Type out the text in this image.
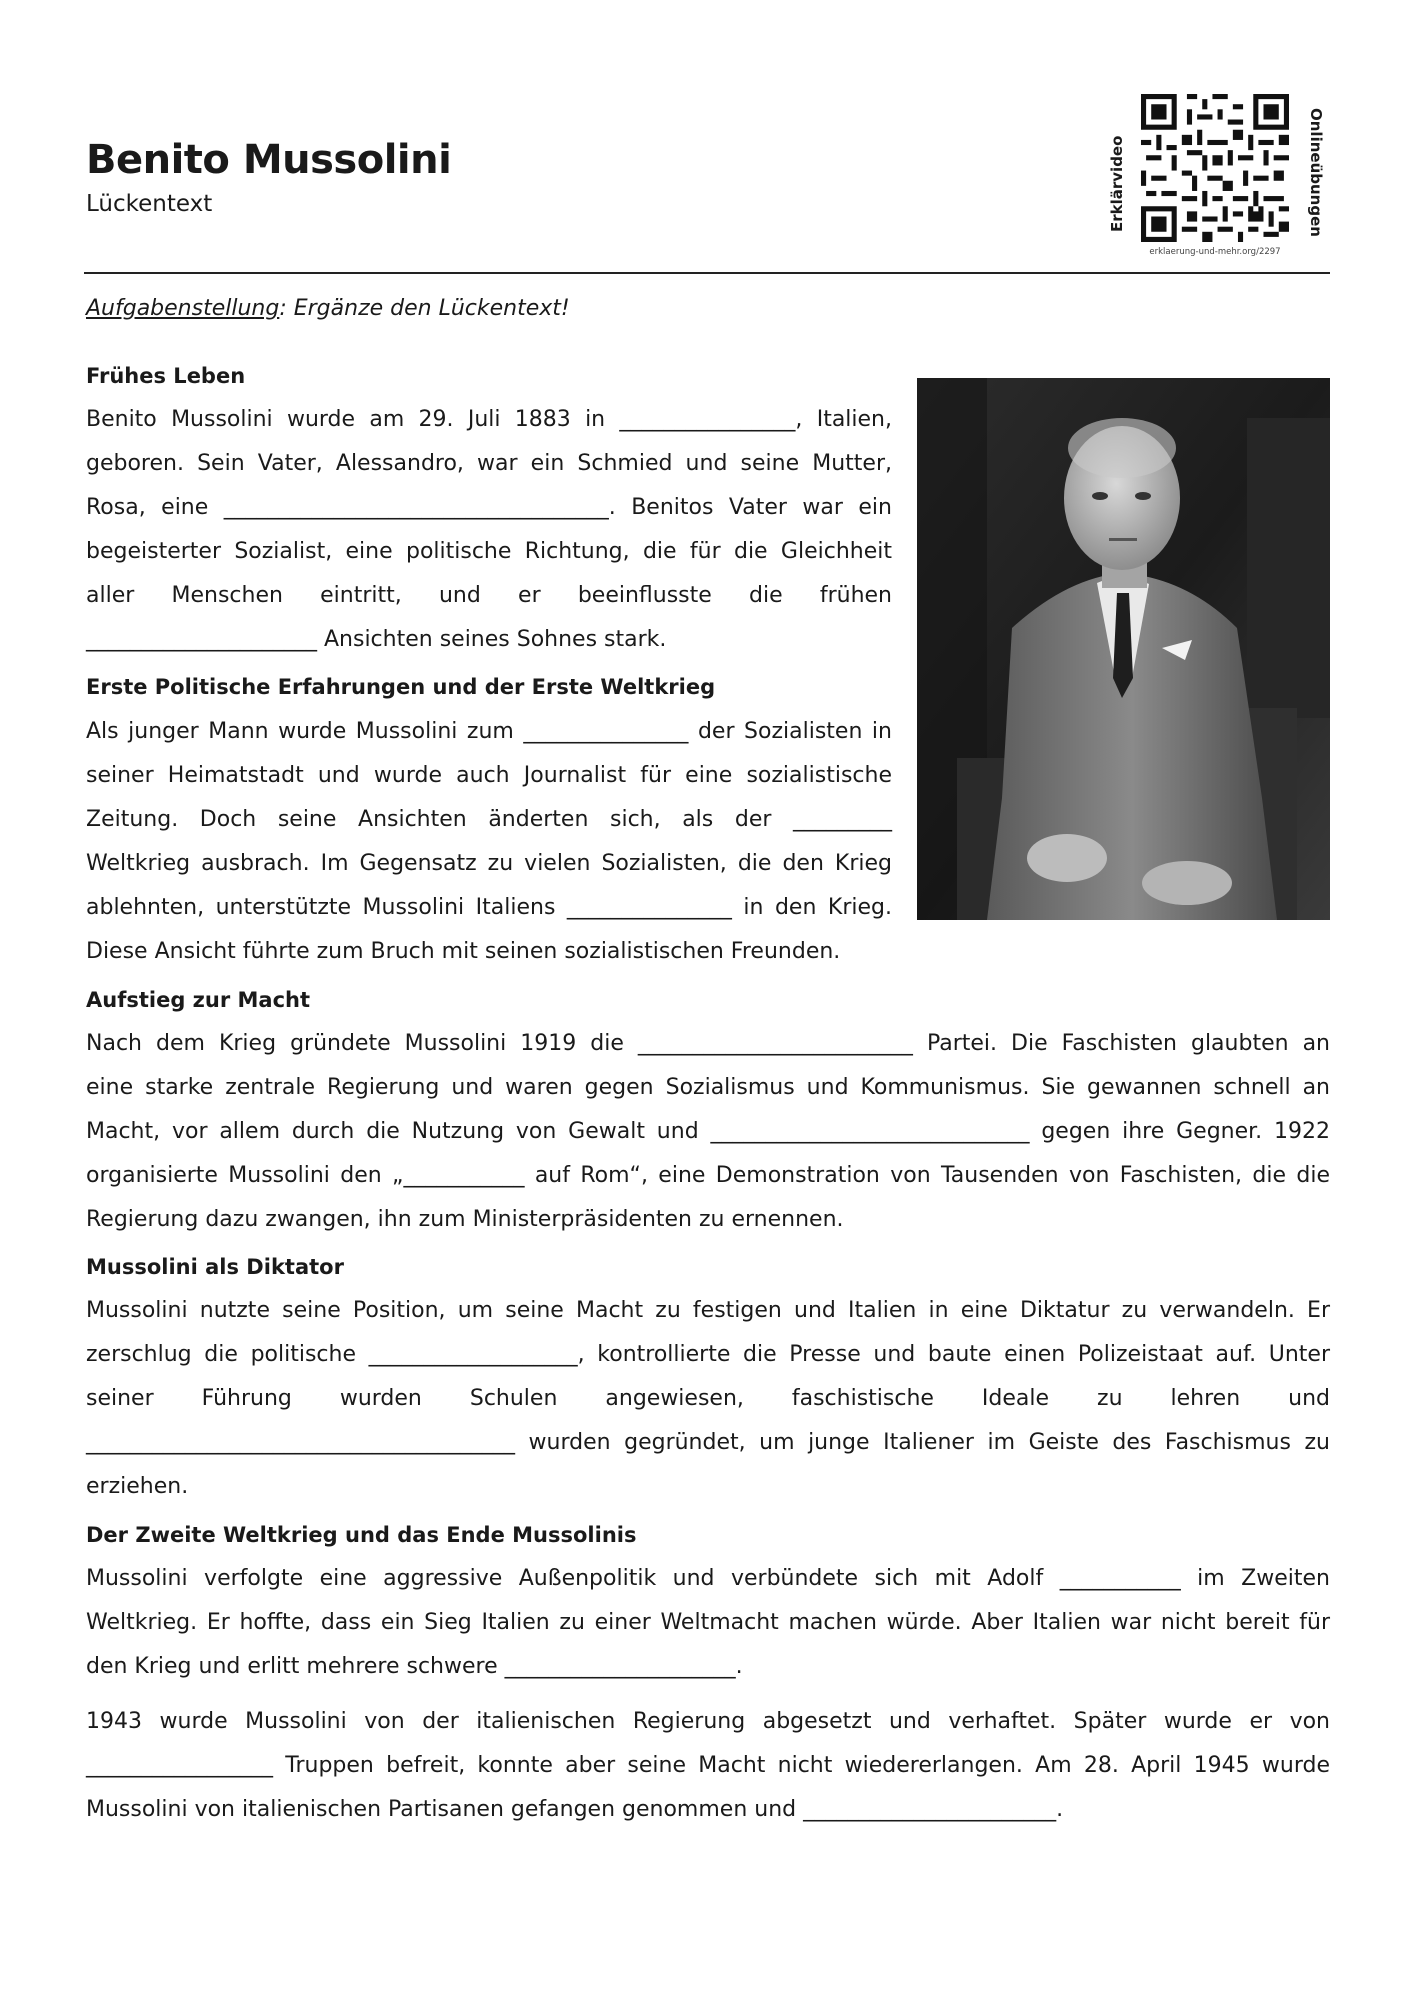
Benito Mussolini
Lückentext	Erklärvideo	Onlineübungen
erklaerung-und-mehr.org/2297
Aufgabenstellung: Ergänze den Lückentext!
Frühes Leben
Benito Mussolini wurde am 29. Juli 1883 in ________________, Italien,
geboren. Sein Vater, Alessandro, war ein Schmied und seine Mutter,
Rosa, eine ___________________________________. Benitos Vater war ein
begeisterter Sozialist, eine politische Richtung, die für die Gleichheit
aller Menschen eintritt, und er beeinflusste die frühen
_____________________ Ansichten seines Sohnes stark.
Erste Politische Erfahrungen und der Erste Weltkrieg
Als junger Mann wurde Mussolini zum _______________ der Sozialisten in
seiner Heimatstadt und wurde auch Journalist für eine sozialistische
Zeitung. Doch seine Ansichten änderten sich, als der _________
Weltkrieg ausbrach. Im Gegensatz zu vielen Sozialisten, die den Krieg
ablehnten, unterstützte Mussolini Italiens _______________ in den Krieg.
Diese Ansicht führte zum Bruch mit seinen sozialistischen Freunden.
Aufstieg zur Macht
Nach dem Krieg gründete Mussolini 1919 die _________________________ Partei. Die Faschisten glaubten an
eine starke zentrale Regierung und waren gegen Sozialismus und Kommunismus. Sie gewannen schnell an
Macht, vor allem durch die Nutzung von Gewalt und _____________________________ gegen ihre Gegner. 1922
organisierte Mussolini den „___________ auf Rom“, eine Demonstration von Tausenden von Faschisten, die die
Regierung dazu zwangen, ihn zum Ministerpräsidenten zu ernennen.
Mussolini als Diktator
Mussolini nutzte seine Position, um seine Macht zu festigen und Italien in eine Diktatur zu verwandeln. Er
zerschlug die politische ___________________, kontrollierte die Presse und baute einen Polizeistaat auf. Unter
seiner Führung wurden Schulen angewiesen, faschistische Ideale zu lehren und
_______________________________________ wurden gegründet, um junge Italiener im Geiste des Faschismus zu
erziehen.
Der Zweite Weltkrieg und das Ende Mussolinis
Mussolini verfolgte eine aggressive Außenpolitik und verbündete sich mit Adolf ___________ im Zweiten
Weltkrieg. Er hoffte, dass ein Sieg Italien zu einer Weltmacht machen würde. Aber Italien war nicht bereit für
den Krieg und erlitt mehrere schwere _____________________.
1943 wurde Mussolini von der italienischen Regierung abgesetzt und verhaftet. Später wurde er von
_________________ Truppen befreit, konnte aber seine Macht nicht wiedererlangen. Am 28. April 1945 wurde
Mussolini von italienischen Partisanen gefangen genommen und _______________________.
